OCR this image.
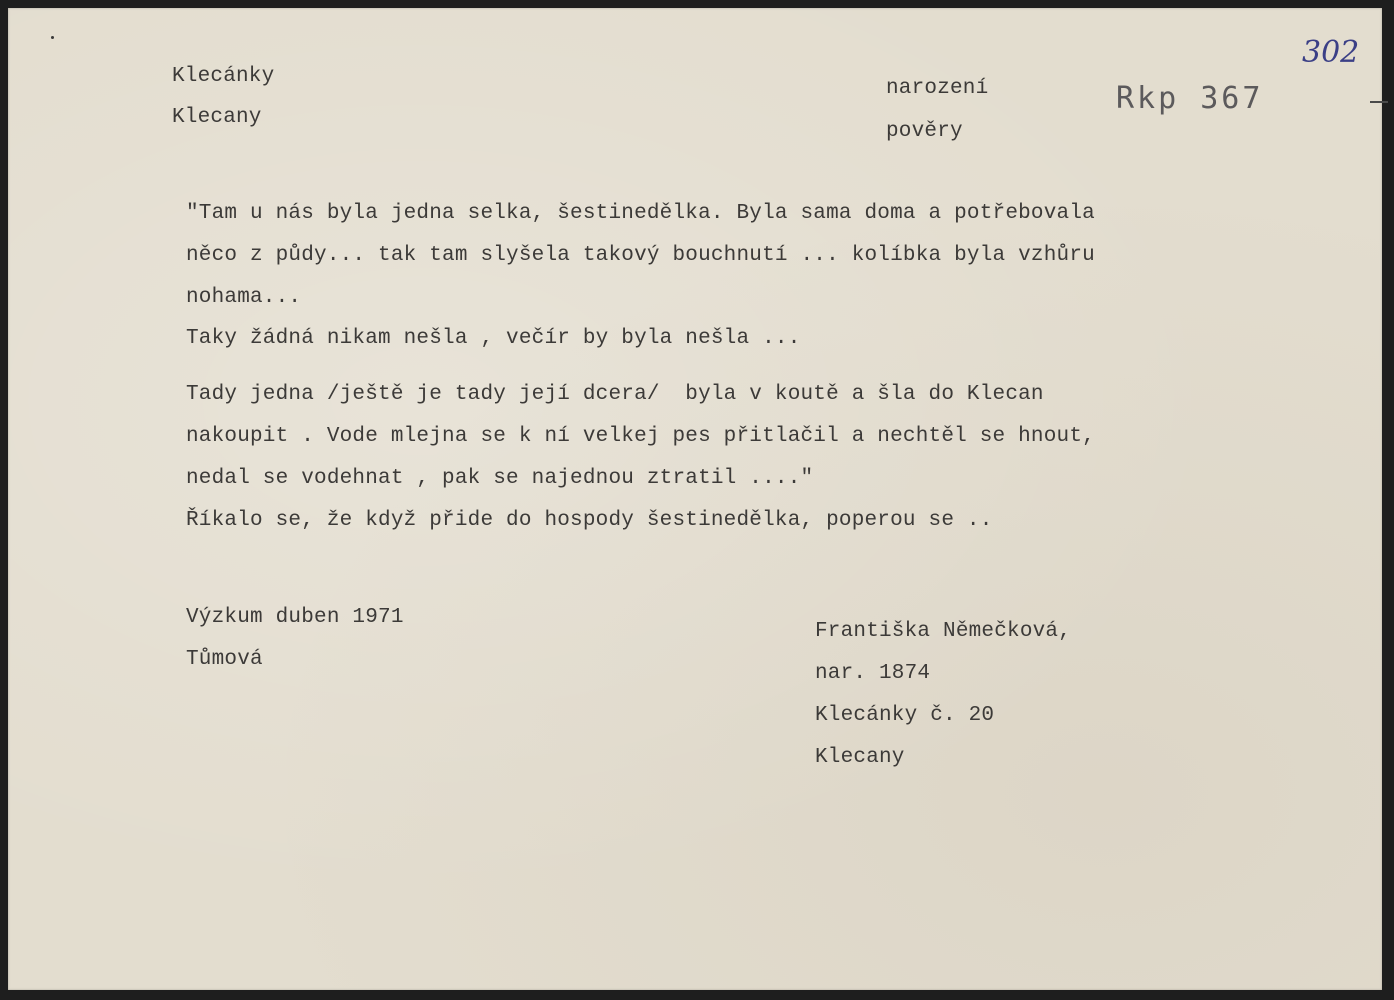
Klecánky
Klecany
narození
pověry
Rkp 367
302
"Tam u nás byla jedna selka, šestinedělka. Byla sama doma a potřebovala
něco z půdy... tak tam slyšela takový bouchnutí ... kolíbka byla vzhůru
nohama...
Taky žádná nikam nešla , večír by byla nešla ...
Tady jedna /ještě je tady její dcera/  byla v koutě a šla do Klecan
nakoupit . Vode mlejna se k ní velkej pes přitlačil a nechtěl se hnout,
nedal se vodehnat , pak se najednou ztratil ...."
Říkalo se, že když přide do hospody šestinedělka, poperou se ..
Výzkum duben 1971
Tůmová
Františka Němečková,
nar. 1874
Klecánky č. 20
Klecany
